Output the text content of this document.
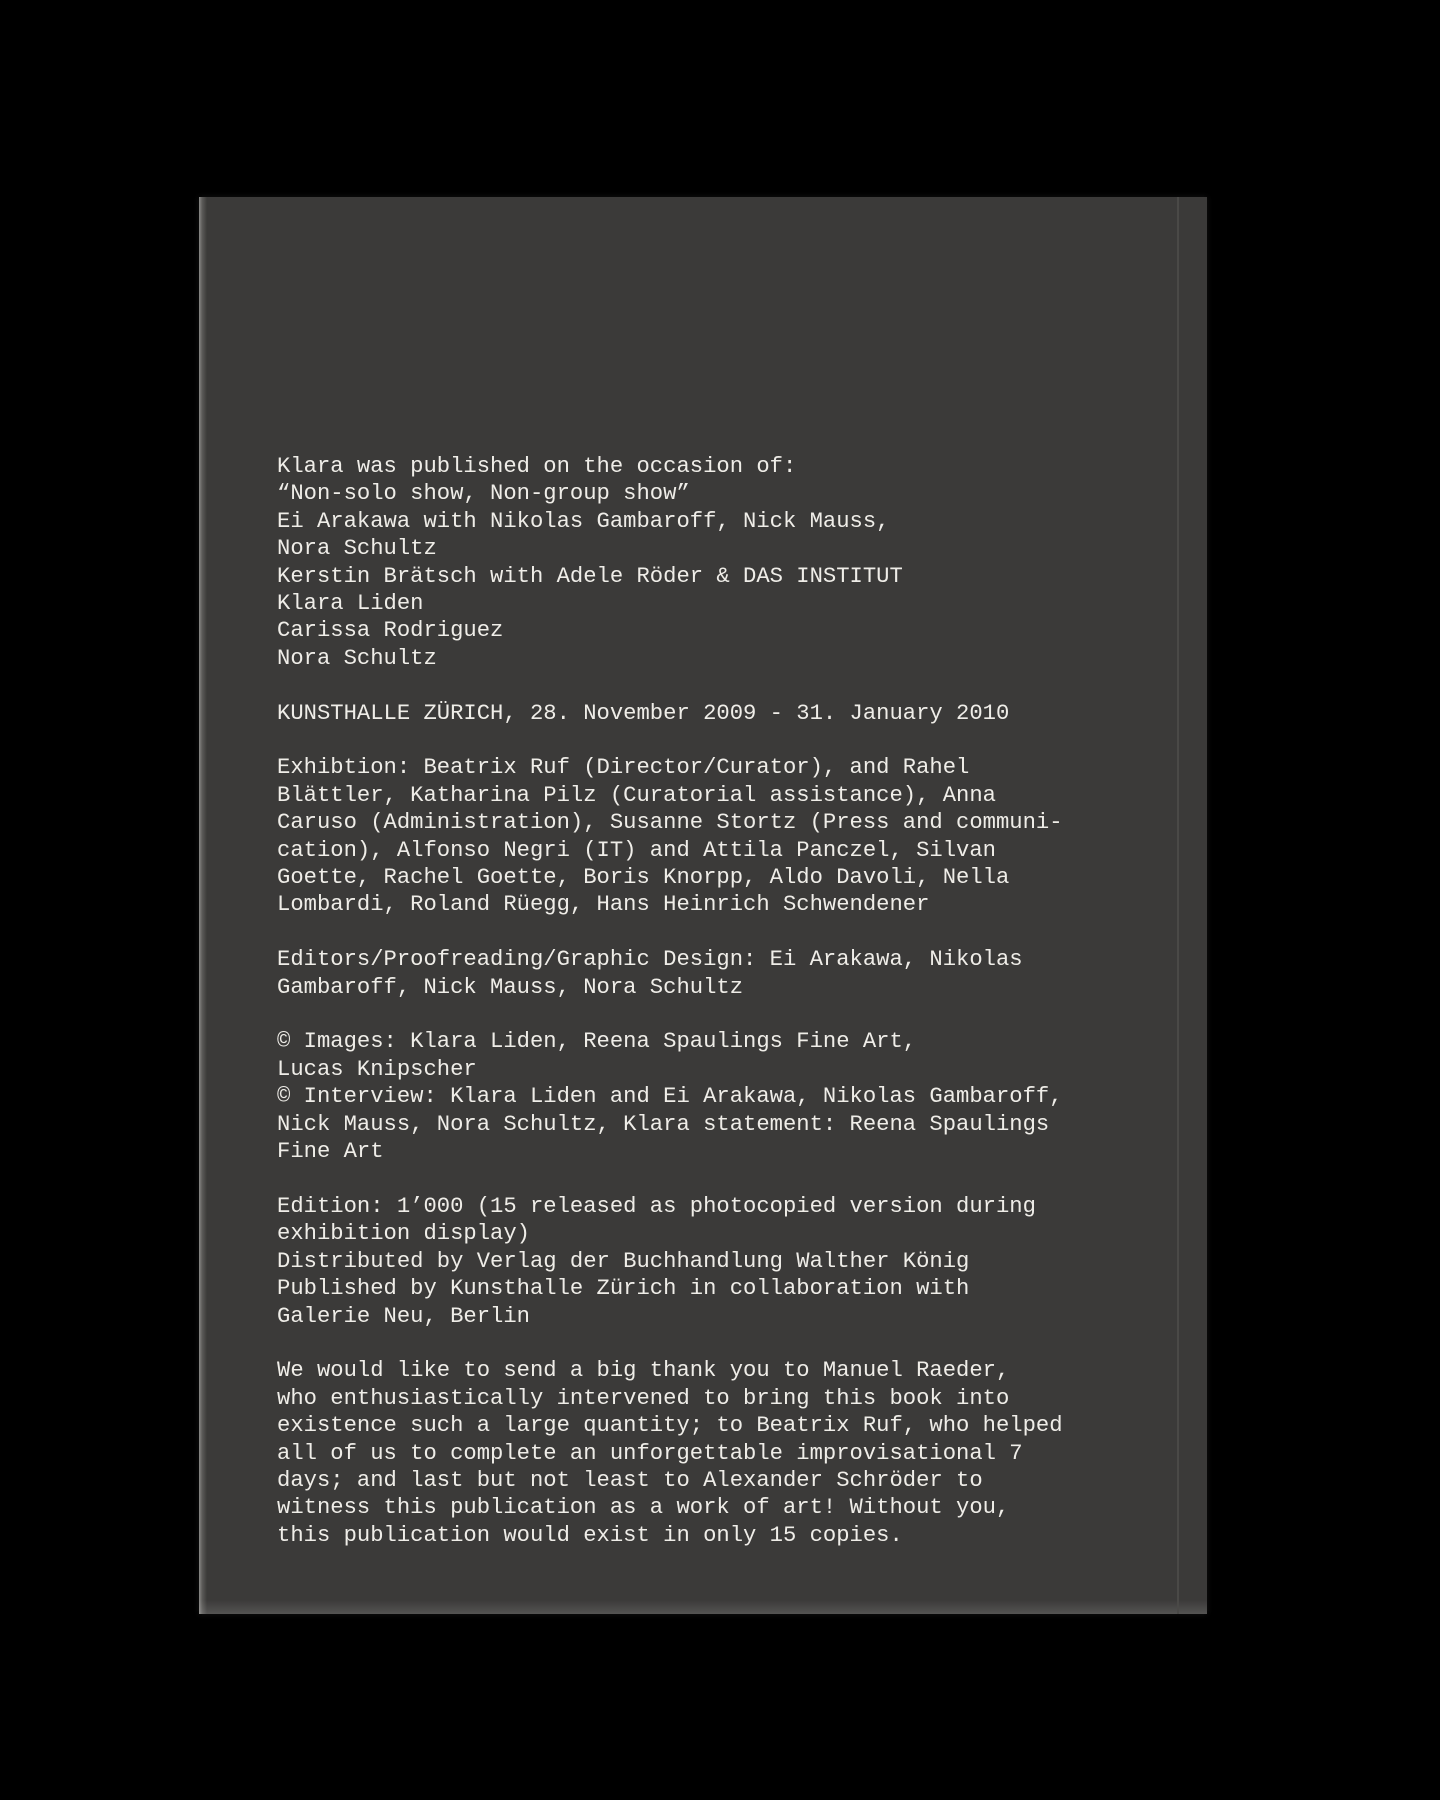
Klara was published on the occasion of:
“Non-solo show, Non-group show”
Ei Arakawa with Nikolas Gambaroff, Nick Mauss,
Nora Schultz
Kerstin Brätsch with Adele Röder & DAS INSTITUT
Klara Liden
Carissa Rodriguez
Nora Schultz
KUNSTHALLE ZÜRICH, 28. November 2009 - 31. January 2010
Exhibtion: Beatrix Ruf (Director/Curator), and Rahel
Blättler, Katharina Pilz (Curatorial assistance), Anna
Caruso (Administration), Susanne Stortz (Press and communi-
cation), Alfonso Negri (IT) and Attila Panczel, Silvan
Goette, Rachel Goette, Boris Knorpp, Aldo Davoli, Nella
Lombardi, Roland Rüegg, Hans Heinrich Schwendener
Editors/Proofreading/Graphic Design: Ei Arakawa, Nikolas
Gambaroff, Nick Mauss, Nora Schultz
© Images: Klara Liden, Reena Spaulings Fine Art,
Lucas Knipscher
© Interview: Klara Liden and Ei Arakawa, Nikolas Gambaroff,
Nick Mauss, Nora Schultz, Klara statement: Reena Spaulings
Fine Art
Edition: 1’000 (15 released as photocopied version during
exhibition display)
Distributed by Verlag der Buchhandlung Walther König
Published by Kunsthalle Zürich in collaboration with
Galerie Neu, Berlin
We would like to send a big thank you to Manuel Raeder,
who enthusiastically intervened to bring this book into
existence such a large quantity; to Beatrix Ruf, who helped
all of us to complete an unforgettable improvisational 7
days; and last but not least to Alexander Schröder to
witness this publication as a work of art! Without you,
this publication would exist in only 15 copies.
